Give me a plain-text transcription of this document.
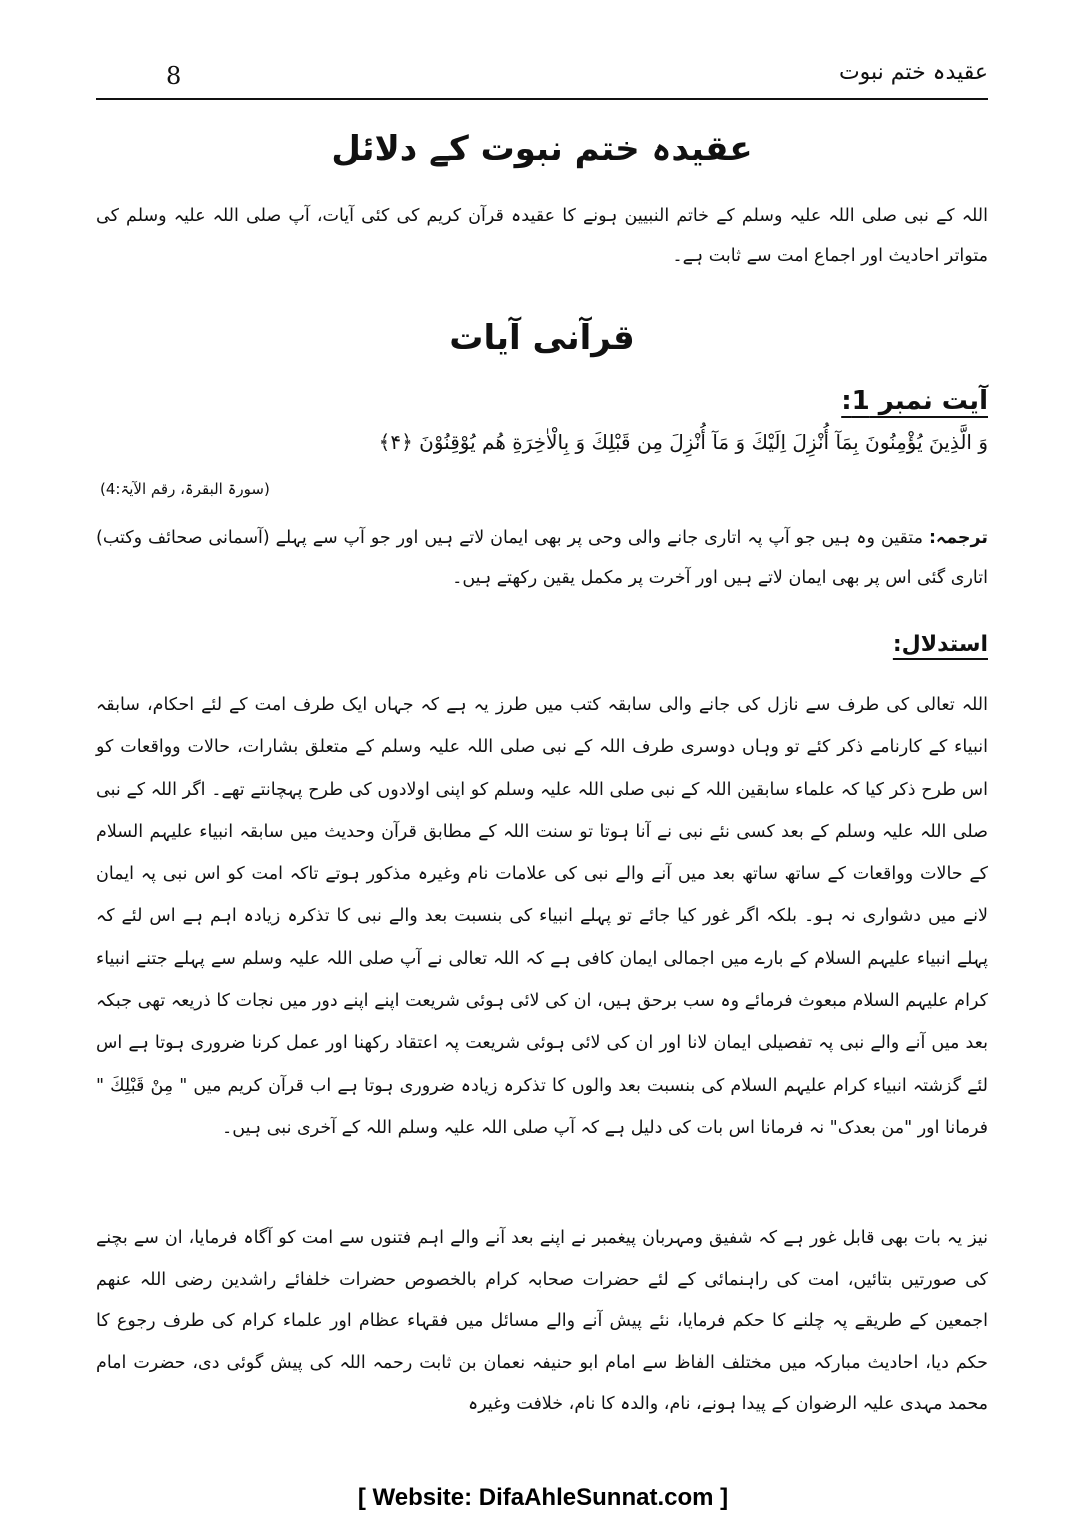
8	عقیدہ ختم نبوت
عقیدہ ختم نبوت کے دلائل
اللہ کے نبی صلی اللہ علیہ وسلم کے خاتم النبیین ہونے کا عقیدہ قرآن کریم کی کئی آیات، آپ صلی اللہ علیہ وسلم کی متواتر احادیث اور اجماع امت سے ثابت ہے۔
قرآنی آیات
آیت نمبر 1:
وَ الَّذِينَ يُؤْمِنُونَ بِمَآ أُنْزِلَ اِلَيْكَ وَ مَآ أُنْزِلَ مِن قَبْلِكَ وَ بِالْاٰخِرَةِ هُم يُوْقِنُوْنَ ﴿۴﴾
(سورۃ البقرۃ، رقم الآیۃ:4)
ترجمہ: متقین وہ ہیں جو آپ پہ اتاری جانے والی وحی پر بھی ایمان لاتے ہیں اور جو آپ سے پہلے (آسمانی صحائف وکتب) اتاری گئی اس پر بھی ایمان لاتے ہیں اور آخرت پر مکمل یقین رکھتے ہیں۔
استدلال:
اللہ تعالی کی طرف سے نازل کی جانے والی سابقہ کتب میں طرز یہ ہے کہ جہاں ایک طرف امت کے لئے احکام، سابقہ انبیاء کے کارنامے ذکر کئے تو وہاں دوسری طرف اللہ کے نبی صلی اللہ علیہ وسلم کے متعلق بشارات، حالات وواقعات کو اس طرح ذکر کیا کہ علماء سابقین اللہ کے نبی صلی اللہ علیہ وسلم کو اپنی اولادوں کی طرح پہچانتے تھے۔ اگر اللہ کے نبی صلی اللہ علیہ وسلم کے بعد کسی نئے نبی نے آنا ہوتا تو سنت اللہ کے مطابق قرآن وحدیث میں سابقہ انبیاء علیہم السلام کے حالات وواقعات کے ساتھ ساتھ بعد میں آنے والے نبی کی علامات نام وغیرہ مذکور ہوتے تاکہ امت کو اس نبی پہ ایمان لانے میں دشواری نہ ہو۔ بلکہ اگر غور کیا جائے تو پہلے انبیاء کی بنسبت بعد والے نبی کا تذکرہ زیادہ اہم ہے اس لئے کہ پہلے انبیاء علیہم السلام کے بارے میں اجمالی ایمان کافی ہے کہ اللہ تعالی نے آپ صلی اللہ علیہ وسلم سے پہلے جتنے انبیاء کرام علیہم السلام مبعوث فرمائے وہ سب برحق ہیں، ان کی لائی ہوئی شریعت اپنے اپنے دور میں نجات کا ذریعہ تھی جبکہ بعد میں آنے والے نبی پہ تفصیلی ایمان لانا اور ان کی لائی ہوئی شریعت پہ اعتقاد رکھنا اور عمل کرنا ضروری ہوتا ہے اس لئے گزشتہ انبیاء کرام علیہم السلام کی بنسبت بعد والوں کا تذکرہ زیادہ ضروری ہوتا ہے اب قرآن کریم میں " مِنْ قَبْلِكَ " فرمانا اور "من بعدک" نہ فرمانا اس بات کی دلیل ہے کہ آپ صلی اللہ علیہ وسلم اللہ کے آخری نبی ہیں۔
نیز یہ بات بھی قابل غور ہے کہ شفیق ومہربان پیغمبر نے اپنے بعد آنے والے اہم فتنوں سے امت کو آگاہ فرمایا، ان سے بچنے کی صورتیں بتائیں، امت کی راہنمائی کے لئے حضرات صحابہ کرام بالخصوص حضرات خلفائے راشدین رضی اللہ عنھم اجمعین کے طریقے پہ چلنے کا حکم فرمایا، نئے پیش آنے والے مسائل میں فقہاء عظام اور علماء کرام کی طرف رجوع کا حکم دیا، احادیث مبارکہ میں مختلف الفاظ سے امام ابو حنیفہ نعمان بن ثابت رحمہ اللہ کی پیش گوئی دی، حضرت امام محمد مہدی علیہ الرضوان کے پیدا ہونے، نام، والدہ کا نام، خلافت وغیرہ
[ Website: DifaAhleSunnat.com ]
